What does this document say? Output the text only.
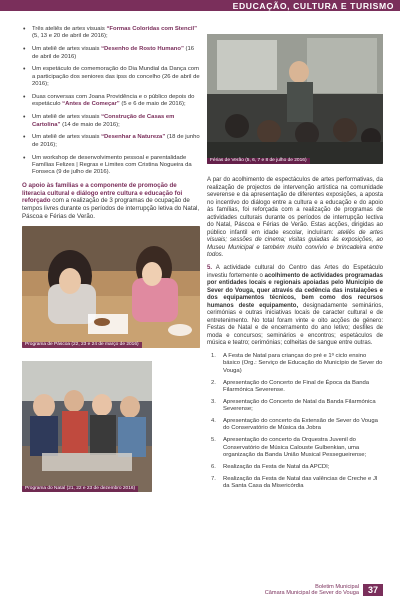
EDUCAÇÃO, CULTURA E TURISMO
• Três ateliês de artes visuais “Formas Coloridas com Stencil” (5, 13 e 20 de abril de 2016);
• Um ateliê de artes visuais “Desenho de Rosto Humano” (16 de abril de 2016)
• Um espetáculo de comemoração do Dia Mundial da Dança com a participação dos seniores das ipss do concelho (26 de abril de 2016);
• Duas conversas com Joana Providência e o público depois do espetáculo “Antes de Começar” (5 e 6 de maio de 2016);
• Um ateliê de artes visuais “Construção de Casas em Cartolina” (14 de maio de 2016);
• Um ateliê de artes visuais “Desenhar a Natureza” (18 de junho de 2016);
• Um workshop de desenvolvimento pessoal e parentalidade Famílias Felizes | Regras e Limites com Cristina Nogueira da Fonseca (9 de julho de 2016).

O apoio às famílias e a componente de promoção de literacia cultural e diálogo entre cultura e educação foi reforçado com a realização de 3 programas de ocupação de tempos livres durante os períodos de interrupção letiva do Natal, Páscoa e Férias de Verão.

Programa de Páscoa (22, 23 e 24 de março de 2016)
Programa do Natal (21, 22 e 23 de dezembro 2016)
Férias de Verão (5, 6, 7 e 8 de julho de 2016)

A par do acolhimento de espectáculos de artes performativas, da realização de projectos de intervenção artística na comunidade severense e da apresentação de diferentes exposições, a aposta no incentivo do diálogo entre a cultura e a educação e do apoio às famílias, foi reforçada com a realização de programas de actividades culturais durante os períodos de interrupção lectiva do Natal, Páscoa e Férias de Verão. Estas acções, dirigidas ao público infantil em idade escolar, incluíram: ateliês de artes visuais; sessões de cinema; visitas guiadas às exposições, ao Museu Municipal e também muito convívio e brincadeira entre todos.

5. A actividade cultural do Centro das Artes do Espetáculo investiu fortemente o acolhimento de actividades programadas por entidades locais e regionais apoiadas pelo Município de Sever do Vouga, quer através da cedência das instalações e dos equipamentos técnicos, bem como dos recursos humanos deste equipamento, designadamente seminários, cerimónias e outras iniciativas locais de caracter cultural e de entretenimento. No total foram vinte e oito acções de género: Festas de Natal e de encerramento do ano letivo; desfiles de moda e concursos; seminários e encontros; espetáculos de música e teatro; cerimónias; colheitas de sangue entre outras.

1. A Festa de Natal para crianças do pré e 1º ciclo ensino básico (Org.: Serviço de Educação do Município de Sever do Vouga)
2. Apresentação do Concerto de Final de Época da Banda Filarmónica Severense.
3. Apresentação do Concerto de Natal da Banda Filarmónica Severense;
4. Apresentação do concerto da Extensão de Sever do Vouga do Conservatório de Música da Jobra
5. Apresentação do concerto da Orquestra Juvenil do Conservatório de Música Calouste Gulbenkian, uma organização da Banda União Musical Pessegueirense;
6. Realização da Festa de Natal da APCDI;
7. Realização da Festa de Natal das valências de Creche e JI da Santa Casa da Misericórdia
Boletim Municipal
Câmara Municipal de Sever do Vouga	37
